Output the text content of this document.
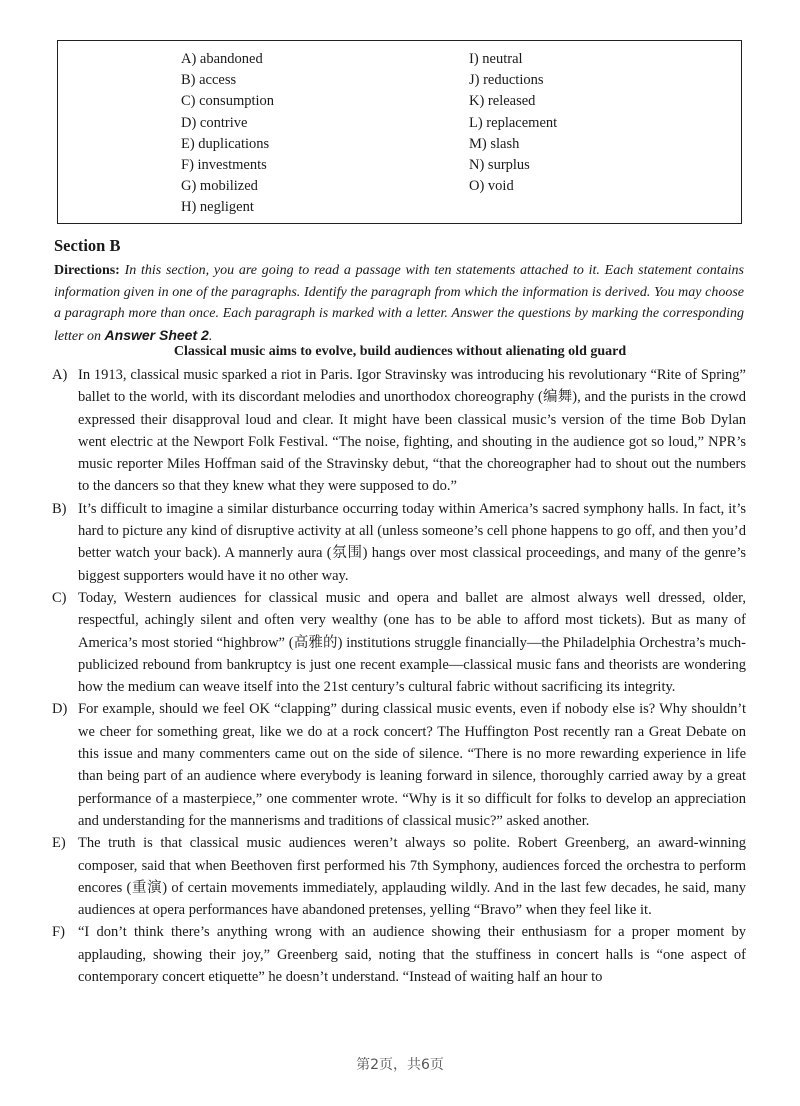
A) abandoned
B) access
C) consumption
D) contrive
E) duplications
F) investments
G) mobilized
H) negligent
I) neutral
J) reductions
K) released
L) replacement
M) slash
N) surplus
O) void
Section B

Directions: In this section, you are going to read a passage with ten statements attached to it. Each statement contains information given in one of the paragraphs. Identify the paragraph from which the information is derived. You may choose a paragraph more than once. Each paragraph is marked with a letter. Answer the questions by marking the corresponding letter on Answer Sheet 2.

Classical music aims to evolve, build audiences without alienating old guard
A) In 1913, classical music sparked a riot in Paris. Igor Stravinsky was introducing his revolutionary “Rite of Spring” ballet to the world, with its discordant melodies and unorthodox choreography (编舞), and the purists in the crowd expressed their disapproval loud and clear. It might have been classical music’s version of the time Bob Dylan went electric at the Newport Folk Festival. “The noise, fighting, and shouting in the audience got so loud,” NPR’s music reporter Miles Hoffman said of the Stravinsky debut, “that the choreographer had to shout out the numbers to the dancers so that they knew what they were supposed to do.”
B) It’s difficult to imagine a similar disturbance occurring today within America’s sacred symphony halls. In fact, it’s hard to picture any kind of disruptive activity at all (unless someone’s cell phone happens to go off, and then you’d better watch your back). A mannerly aura (氛围) hangs over most classical proceedings, and many of the genre’s biggest supporters would have it no other way.
C) Today, Western audiences for classical music and opera and ballet are almost always well dressed, older, respectful, achingly silent and often very wealthy (one has to be able to afford most tickets). But as many of America’s most storied “highbrow” (高雅的) institutions struggle financially—the Philadelphia Orchestra’s much-publicized rebound from bankruptcy is just one recent example—classical music fans and theorists are wondering how the medium can weave itself into the 21st century’s cultural fabric without sacrificing its integrity.
D) For example, should we feel OK “clapping” during classical music events, even if nobody else is? Why shouldn’t we cheer for something great, like we do at a rock concert? The Huffington Post recently ran a Great Debate on this issue and many commenters came out on the side of silence. “There is no more rewarding experience in life than being part of an audience where everybody is leaning forward in silence, thoroughly carried away by a great performance of a masterpiece,” one commenter wrote. “Why is it so difficult for folks to develop an appreciation and understanding for the mannerisms and traditions of classical music?” asked another.
E) The truth is that classical music audiences weren’t always so polite. Robert Greenberg, an award-winning composer, said that when Beethoven first performed his 7th Symphony, audiences forced the orchestra to perform encores (重演) of certain movements immediately, applauding wildly. And in the last few decades, he said, many audiences at opera performances have abandoned pretenses, yelling “Bravo” when they feel like it.
F) “I don’t think there’s anything wrong with an audience showing their enthusiasm for a proper moment by applauding, showing their joy,” Greenberg said, noting that the stuffiness in concert halls is “one aspect of contemporary concert etiquette” he doesn’t understand. “Instead of waiting half an hour to
第2页，共6页
